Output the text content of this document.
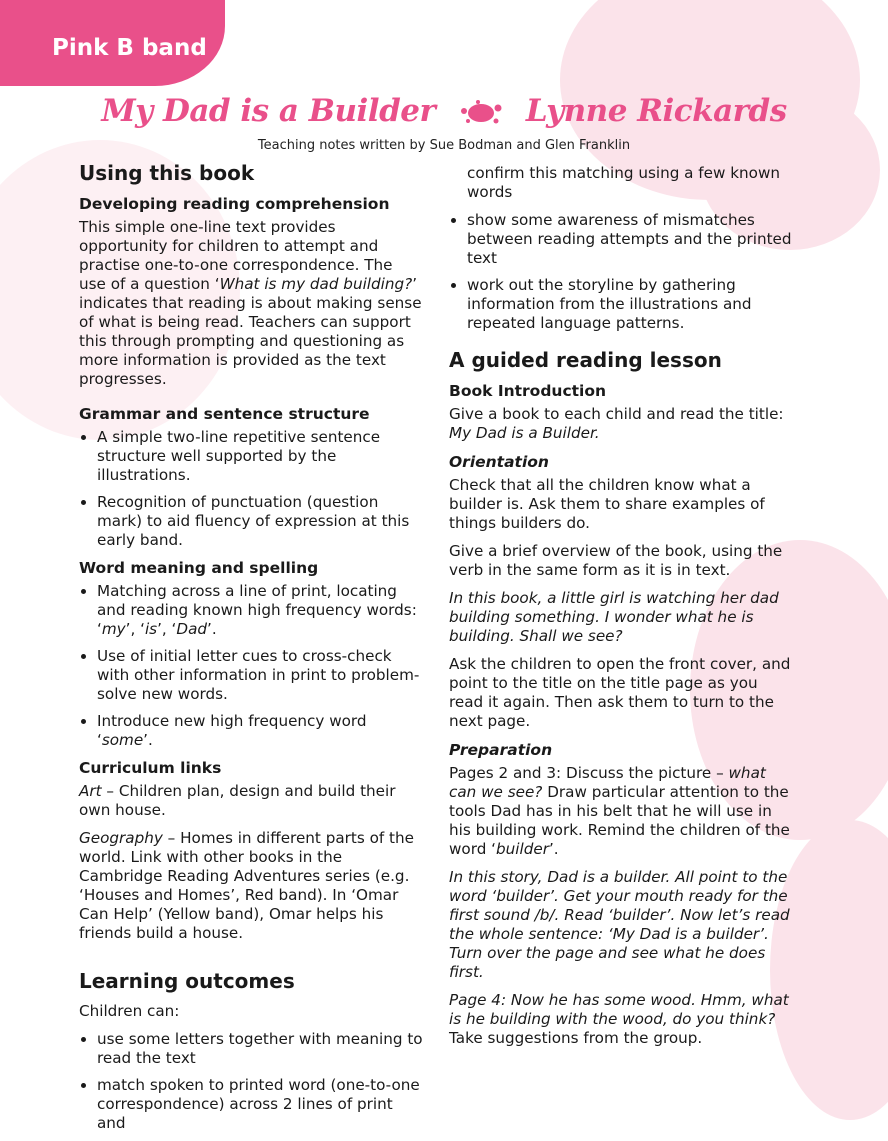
Pink B band
My Dad is a Builder	Lynne Rickards
Teaching notes written by Sue Bodman and Glen Franklin
Using this book
Developing reading comprehension

This simple one-line text provides opportunity for children to attempt and practise one-to-one correspondence. The use of a question ‘What is my dad building?’ indicates that reading is about making sense of what is being read. Teachers can support this through prompting and questioning as more information is provided as the text progresses.

Grammar and sentence structure
• A simple two-line repetitive sentence structure well supported by the illustrations.
• Recognition of punctuation (question mark) to aid fluency of expression at this early band.
Word meaning and spelling
• Matching across a line of print, locating and reading known high frequency words: ‘my’, ‘is’, ‘Dad’.
• Use of initial letter cues to cross-check with other information in print to problem-solve new words.
• Introduce new high frequency word ‘some’.
Curriculum links

Art – Children plan, design and build their own house.

Geography – Homes in different parts of the world. Link with other books in the Cambridge Reading Adventures series (e.g. ‘Houses and Homes’, Red band). In ‘Omar Can Help’ (Yellow band), Omar helps his friends build a house.

Learning outcomes

Children can:

• use some letters together with meaning to read the text
• match spoken to printed word (one-to-one correspondence) across 2 lines of print and

confirm this matching using a few known words

• show some awareness of mismatches between reading attempts and the printed text
• work out the storyline by gathering information from the illustrations and repeated language patterns.
A guided reading lesson
Book Introduction

Give a book to each child and read the title:
My Dad is a Builder.

Orientation

Check that all the children know what a builder is. Ask them to share examples of things builders do.

Give a brief overview of the book, using the verb in the same form as it is in text.

In this book, a little girl is watching her dad building something. I wonder what he is building. Shall we see?

Ask the children to open the front cover, and point to the title on the title page as you read it again. Then ask them to turn to the next page.

Preparation

Pages 2 and 3: Discuss the picture – what can we see? Draw particular attention to the tools Dad has in his belt that he will use in his building work. Remind the children of the word ‘builder’.

In this story, Dad is a builder. All point to the word ‘builder’. Get your mouth ready for the first sound /b/. Read ‘builder’. Now let’s read the whole sentence: ‘My Dad is a builder’. Turn over the page and see what he does first.

Page 4: Now he has some wood. Hmm, what is he building with the wood, do you think? Take suggestions from the group.
